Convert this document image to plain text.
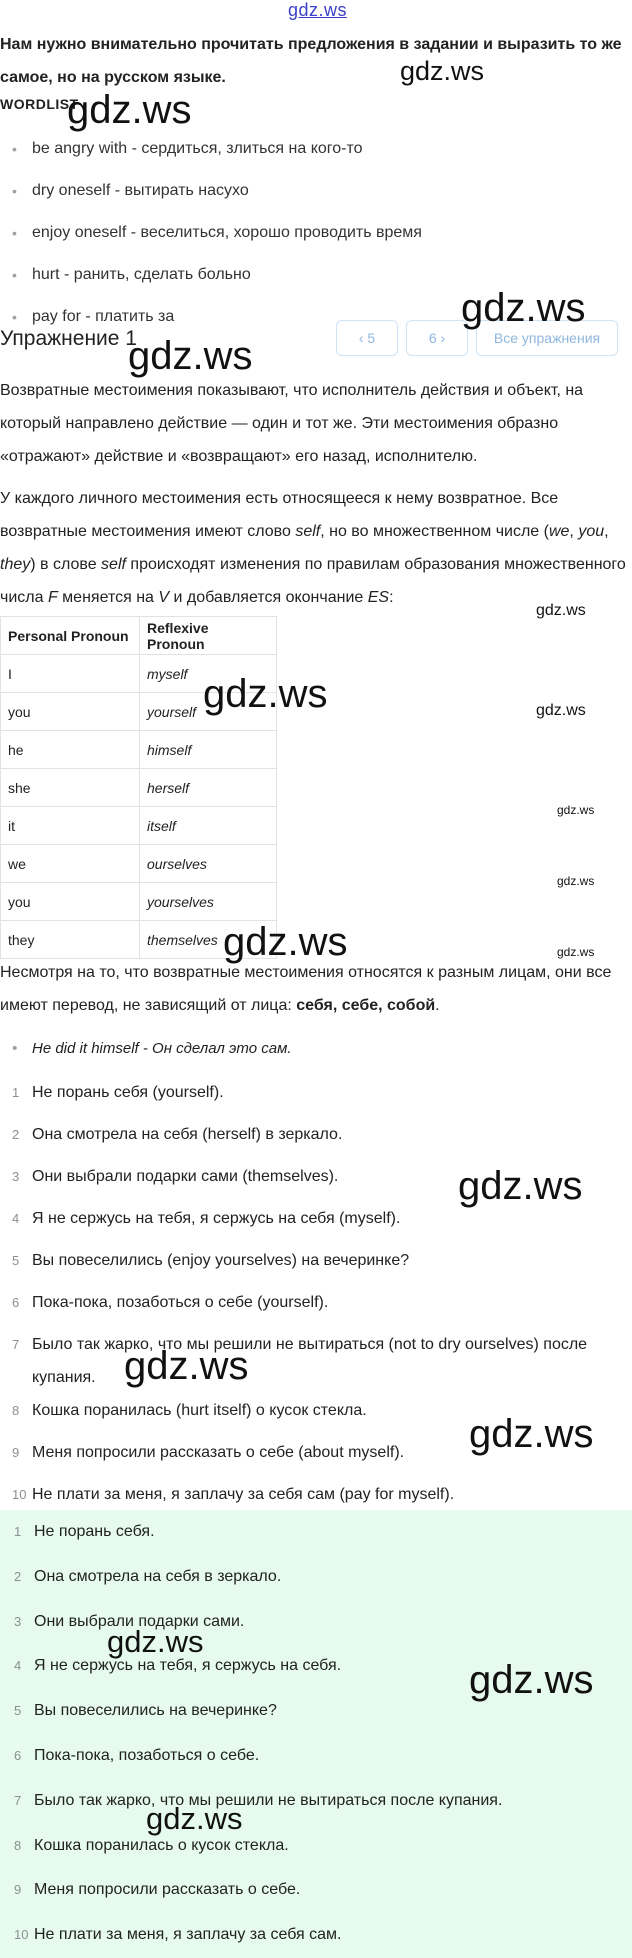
gdz.ws
Нам нужно внимательно прочитать предложения в задании и выразить то же самое, но на русском языке.
WORDLIST
• be angry with - сердиться, злиться на кого-то
• dry oneself - вытирать насухо
• enjoy oneself - веселиться, хорошо проводить время
• hurt - ранить, сделать больно
• pay for - платить за
Упражнение 1	‹ 5	6 ›	Все упражнения
Возвратные местоимения показывают, что исполнитель действия и объект, на который направлено действие — один и тот же. Эти местоимения образно «отражают» действие и «возвращают» его назад, исполнителю.
У каждого личного местоимения есть относящееся к нему возвратное. Все возвратные местоимения имеют слово self, но во множественном числе (we, you, they) в слове self происходят изменения по правилам образования множественного числа F меняется на V и добавляется окончание ES:
Personal Pronoun	Reflexive Pronoun
I	myself
you	yourself
he	himself
she	herself
it	itself
we	ourselves
you	yourselves
they	themselves
Несмотря на то, что возвратные местоимения относятся к разным лицам, они все имеют перевод, не зависящий от лица: себя, себе, собой.
• He did it himself - Он сделал это сам.
1 Не порань себя (yourself).
2 Она смотрела на себя (herself) в зеркало.
3 Они выбрали подарки сами (themselves).
4 Я не сержусь на тебя, я сержусь на себя (myself).
5 Вы повеселились (enjoy yourselves) на вечеринке?
6 Пока-пока, позаботься о себе (yourself).
7 Было так жарко, что мы решили не вытираться (not to dry ourselves) после купания.
8 Кошка поранилась (hurt itself) о кусок стекла.
9 Меня попросили рассказать о себе (about myself).
10 Не плати за меня, я заплачу за себя сам (pay for myself).
1 Не порань себя.
2 Она смотрела на себя в зеркало.
3 Они выбрали подарки сами.
4 Я не сержусь на тебя, я сержусь на себя.
5 Вы повеселились на вечеринке?
6 Пока-пока, позаботься о себе.
7 Было так жарко, что мы решили не вытираться после купания.
8 Кошка поранилась о кусок стекла.
9 Меня попросили рассказать о себе.
10 Не плати за меня, я заплачу за себя сам.
gdz.ws
gdz.ws
gdz.ws
gdz.ws
gdz.ws
gdz.ws	gdz.ws
gdz.ws
gdz.ws
gdz.ws	gdz.ws
gdz.ws
gdz.ws
gdz.ws
gdz.ws
gdz.ws
gdz.ws
